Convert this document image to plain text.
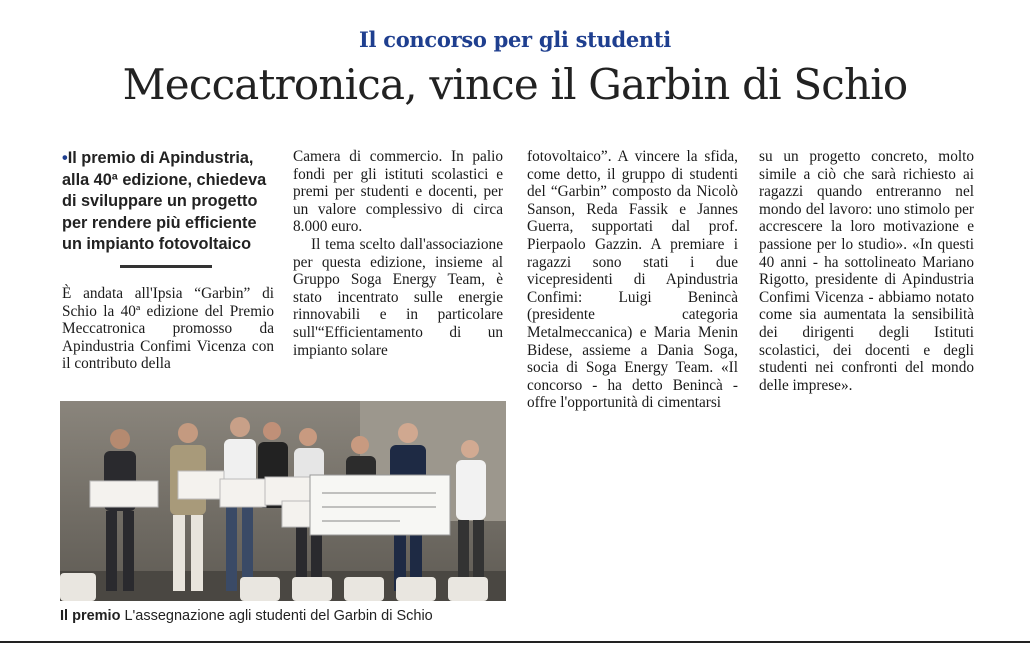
Il concorso per gli studenti
Meccatronica, vince il Garbin di Schio
•Il premio di Apindustria, alla 40ª edizione, chiedeva di sviluppare un progetto per rendere più efficiente un impianto fotovoltaico

È andata all'Ipsia “Garbin” di Schio la 40ª edizione del Premio Meccatronica promosso da Apindustria Confimi Vicenza con il contributo della

Camera di commercio. In palio fondi per gli istituti scolastici e premi per studenti e docenti, per un valore complessivo di circa 8.000 euro.

Il tema scelto dall'associazione per questa edizione, insieme al Gruppo Soga Energy Team, è stato incentrato sulle energie rinnovabili e in particolare sull'“Efficientamento di un impianto solare

fotovoltaico”. A vincere la sfida, come detto, il gruppo di studenti del “Garbin” composto da Nicolò Sanson, Reda Fassik e Jannes Guerra, supportati dal prof. Pierpaolo Gazzin. A premiare i ragazzi sono stati i due vicepresidenti di Apindustria Confimi: Luigi Benincà (presidente categoria Metalmeccanica) e Maria Menin Bidese, assieme a Dania Soga, socia di Soga Energy Team. «Il concorso - ha detto Benincà - offre l'opportunità di cimentarsi

su un progetto concreto, molto simile a ciò che sarà richiesto ai ragazzi quando entreranno nel mondo del lavoro: uno stimolo per accrescere la loro motivazione e passione per lo studio». «In questi 40 anni - ha sottolineato Mariano Rigotto, presidente di Apindustria Confimi Vicenza - abbiamo notato come sia aumentata la sensibilità dei dirigenti degli Istituti scolastici, dei docenti e degli studenti nei confronti del mondo delle imprese».

Il premio L'assegnazione agli studenti del Garbin di Schio
